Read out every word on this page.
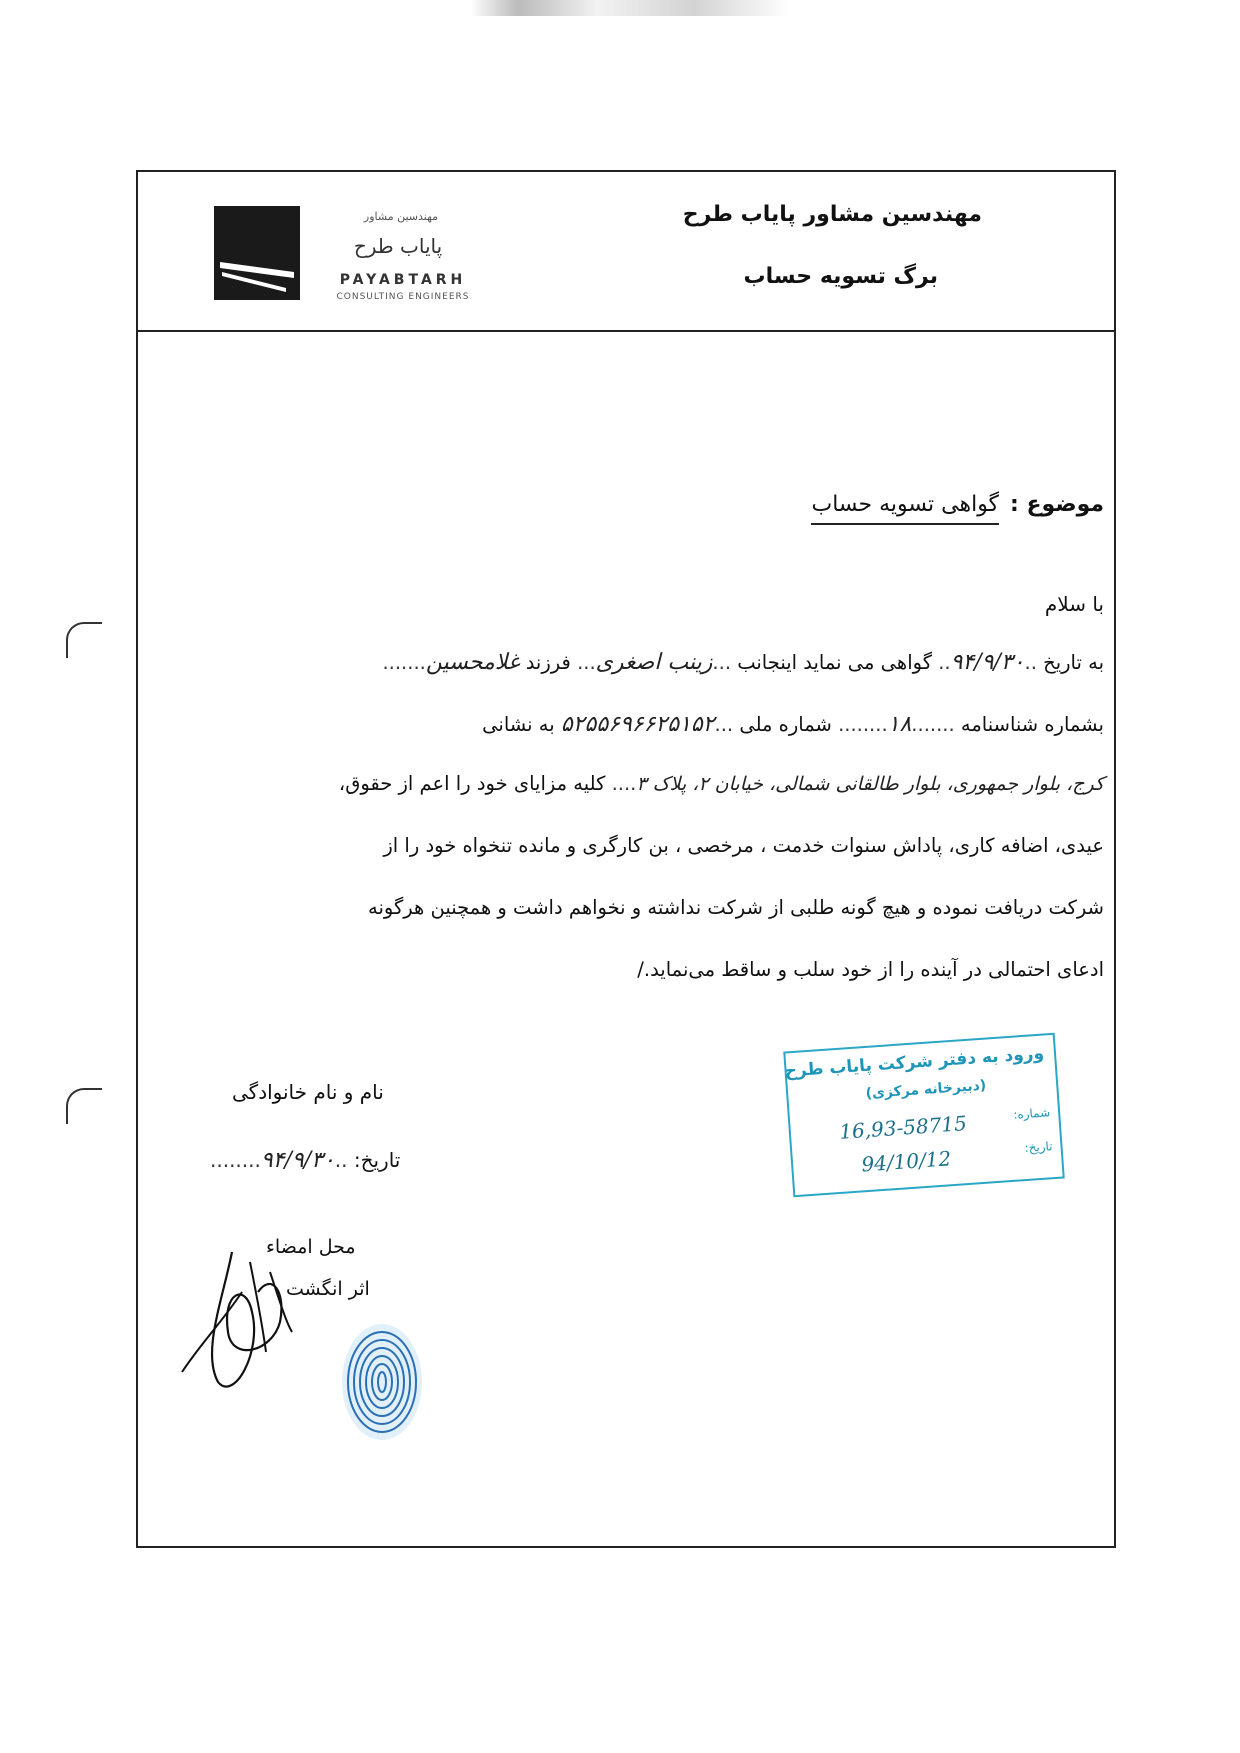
مهندسین مشاور
پایاب طرح
PAYABTARH
CONSULTING ENGINEERS
مهندسین مشاور پایاب طرح
برگ تسویه حساب
موضوع : گواهی تسویه حساب
با سلام
به تاریخ ..۹۴/۹/۳۰.. گواهی می نماید اینجانب ...زینب اصغری... فرزند غلامحسین.......
بشماره شناسنامه .......۱۸........ شماره ملی ...۵۲۵۵۶۹۶۶۲۵۱۵۲ به نشانی
کرج، بلوار جمهوری، بلوار طالقانی شمالی، خیابان ۲، پلاک ۳.... کلیه مزایای خود را اعم از حقوق،
عیدی، اضافه کاری، پاداش سنوات خدمت ، مرخصی ، بن کارگری و مانده تنخواه خود را از
شرکت دریافت نموده و هیچ گونه طلبی از شرکت نداشته و نخواهم داشت و همچنین هرگونه
ادعای احتمالی در آینده را از خود سلب و ساقط می‌نماید./
نام و نام خانوادگی
تاریخ: ..۹۴/۹/۳۰........
محل امضاء
اثر انگشت
ورود به دفتر شرکت پایاب طرح
(دبیرخانه مرکزی)
شماره:
16,93-58715
تاریخ:
94/10/12
